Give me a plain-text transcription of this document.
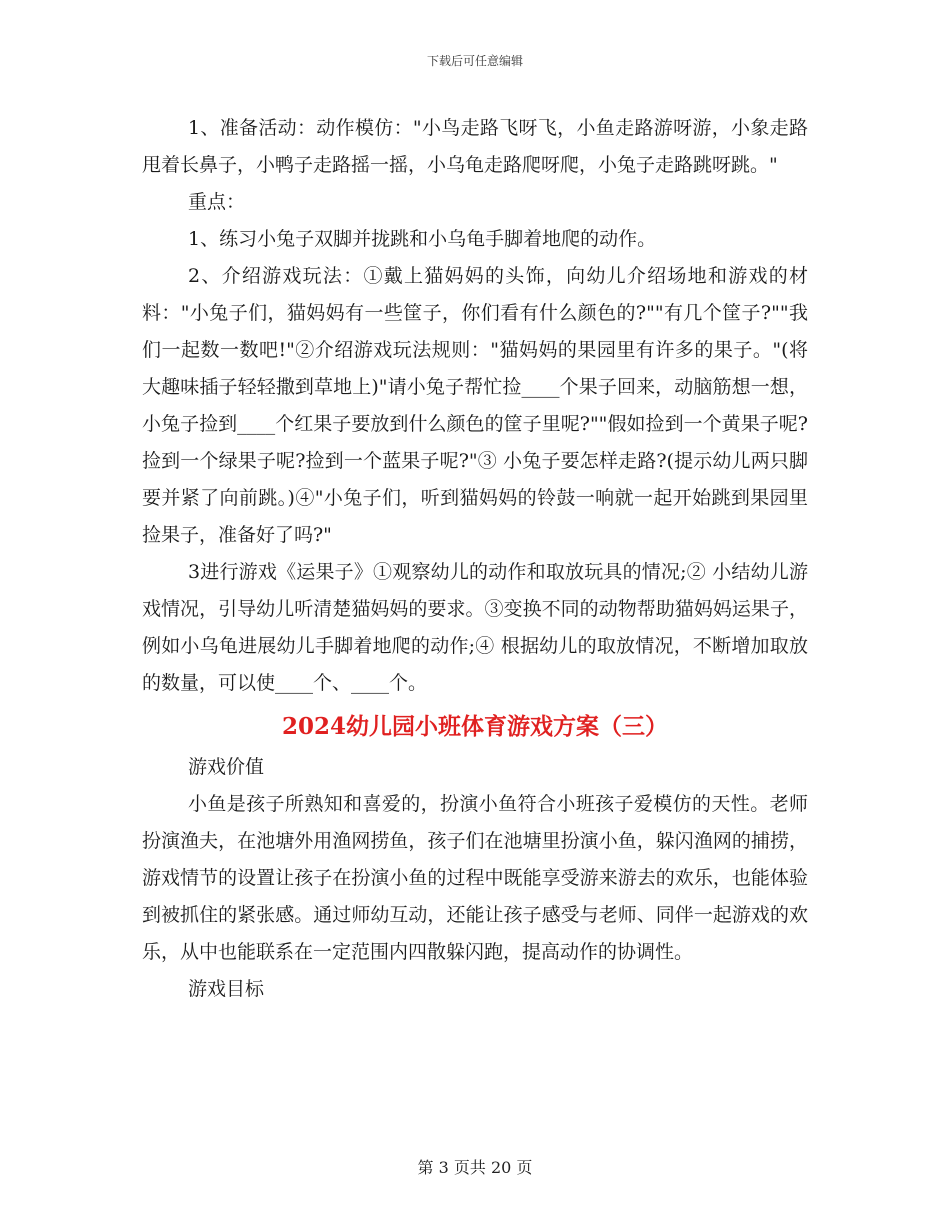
下载后可任意编辑

1、准备活动：动作模仿："小鸟走路飞呀飞，小鱼走路游呀游，小象走路甩着长鼻子，小鸭子走路摇一摇，小乌龟走路爬呀爬，小兔子走路跳呀跳。"

重点：

1、练习小兔子双脚并拢跳和小乌龟手脚着地爬的动作。

2、介绍游戏玩法：①戴上猫妈妈的头饰，向幼儿介绍场地和游戏的材料："小兔子们，猫妈妈有一些筐子，你们看有什么颜色的?""有几个筐子?""我们一起数一数吧!"②介绍游戏玩法规则："猫妈妈的果园里有许多的果子。"(将大趣味插子轻轻撒到草地上)"请小兔子帮忙捡____个果子回来，动脑筋想一想，小兔子捡到____个红果子要放到什么颜色的筐子里呢?""假如捡到一个黄果子呢?捡到一个绿果子呢?捡到一个蓝果子呢?"③ 小兔子要怎样走路?(提示幼儿两只脚要并紧了向前跳。)④"小兔子们，听到猫妈妈的铃鼓一响就一起开始跳到果园里捡果子，准备好了吗?"

3进行游戏《运果子》①观察幼儿的动作和取放玩具的情况;② 小结幼儿游戏情况，引导幼儿听清楚猫妈妈的要求。③变换不同的动物帮助猫妈妈运果子，例如小乌龟进展幼儿手脚着地爬的动作;④ 根据幼儿的取放情况，不断增加取放的数量，可以使____个、____个。

2024幼儿园小班体育游戏方案（三）

游戏价值

小鱼是孩子所熟知和喜爱的，扮演小鱼符合小班孩子爱模仿的天性。老师扮演渔夫，在池塘外用渔网捞鱼，孩子们在池塘里扮演小鱼，躲闪渔网的捕捞，游戏情节的设置让孩子在扮演小鱼的过程中既能享受游来游去的欢乐，也能体验到被抓住的紧张感。通过师幼互动，还能让孩子感受与老师、同伴一起游戏的欢乐，从中也能联系在一定范围内四散躲闪跑，提高动作的协调性。

游戏目标

第 3 页共 20 页
